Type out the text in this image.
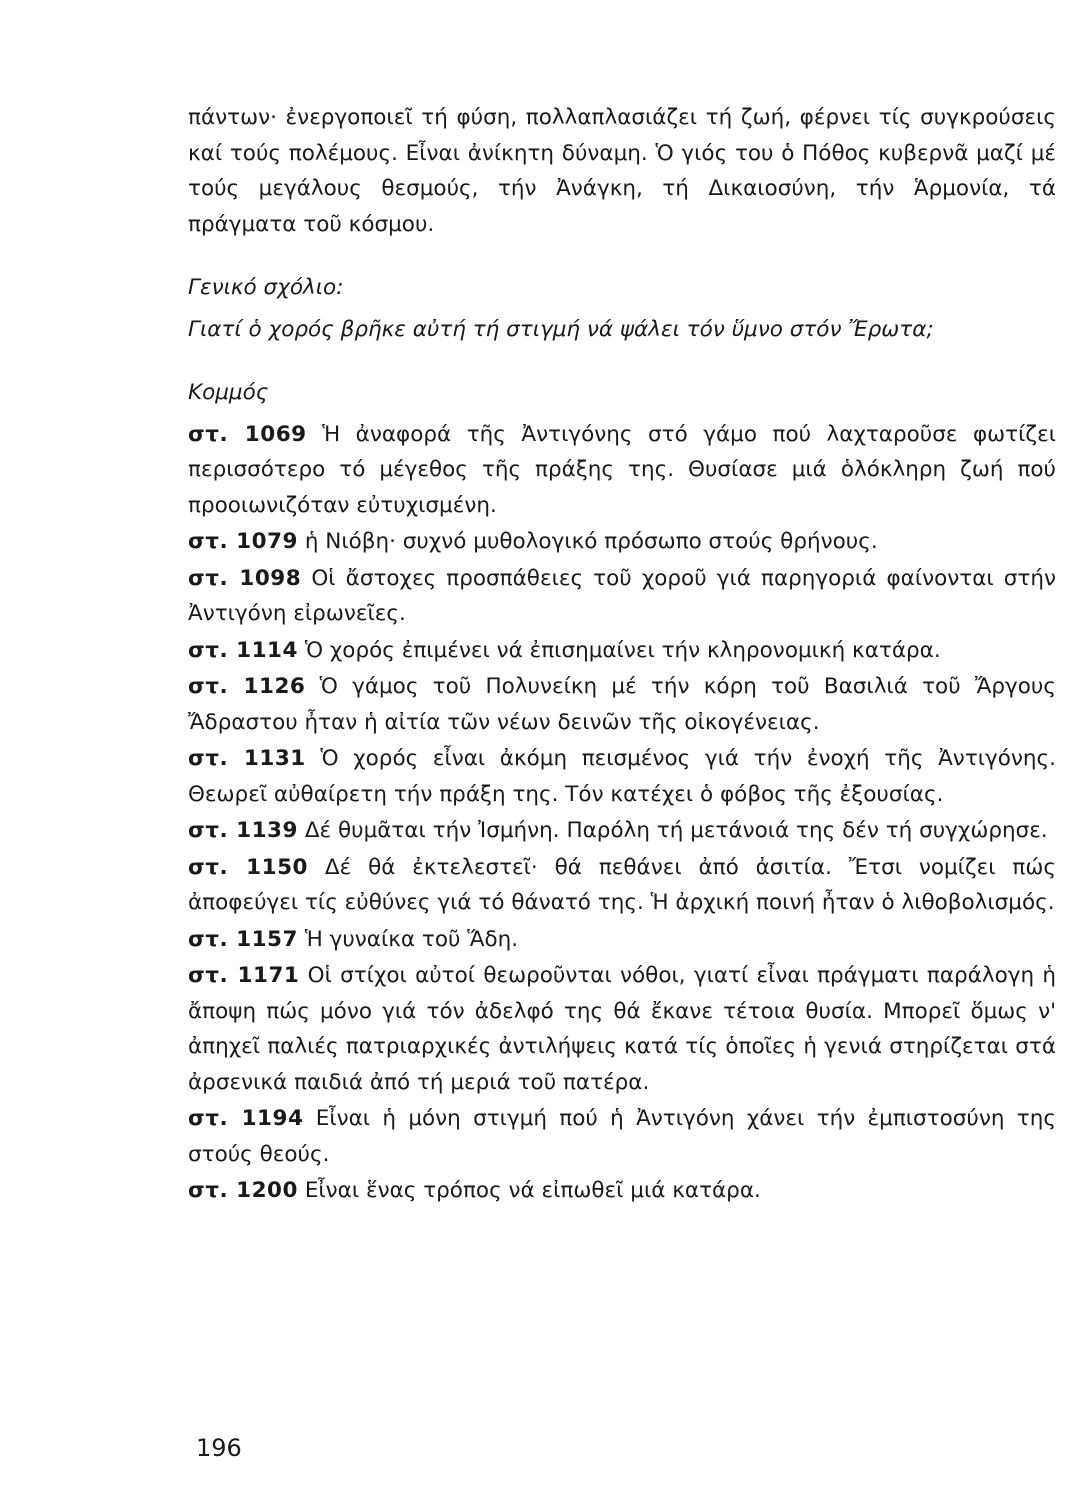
πάντων· ἐνεργοποιεῖ τή φύση, πολλαπλασιάζει τή ζωή, φέρνει τίς συγκρούσεις καί τούς πολέμους. Εἶναι ἀνίκητη δύναμη. Ὁ γιός του ὁ Πόθος κυβερνᾶ μαζί μέ τούς μεγάλους θεσμούς, τήν Ἀνάγκη, τή Δικαιοσύνη, τήν Ἁρμονία, τά πράγματα τοῦ κόσμου.

Γενικό σχόλιο:

Γιατί ὁ χορός βρῆκε αὐτή τή στιγμή νά ψάλει τόν ὕμνο στόν Ἔρωτα;

Κομμός

στ. 1069 Ἡ ἀναφορά τῆς Ἀντιγόνης στό γάμο πού λαχταροῦσε φωτίζει περισσότερο τό μέγεθος τῆς πράξης της. Θυσίασε μιά ὁλόκληρη ζωή πού προοιωνιζόταν εὐτυχισμένη.

στ. 1079 ἡ Νιόβη· συχνό μυθολογικό πρόσωπο στούς θρήνους.

στ. 1098 Οἱ ἄστοχες προσπάθειες τοῦ χοροῦ γιά παρηγοριά φαίνονται στήν Ἀντιγόνη εἰρωνεῖες.

στ. 1114 Ὁ χορός ἐπιμένει νά ἐπισημαίνει τήν κληρονομική κατάρα.

στ. 1126 Ὁ γάμος τοῦ Πολυνείκη μέ τήν κόρη τοῦ Βασιλιά τοῦ Ἄργους Ἄδραστου ἦταν ἡ αἰτία τῶν νέων δεινῶν τῆς οἰκογένειας.

στ. 1131 Ὁ χορός εἶναι ἀκόμη πεισμένος γιά τήν ἐνοχή τῆς Ἀντιγόνης. Θεωρεῖ αὐθαίρετη τήν πράξη της. Τόν κατέχει ὁ φόβος τῆς ἐξουσίας.

στ. 1139 Δέ θυμᾶται τήν Ἰσμήνη. Παρόλη τή μετάνοιά της δέν τή συγχώρησε.

στ. 1150 Δέ θά ἐκτελεστεῖ· θά πεθάνει ἀπό ἀσιτία. Ἔτσι νομίζει πώς ἀποφεύγει τίς εὐθύνες γιά τό θάνατό της. Ἡ ἀρχική ποινή ἦταν ὁ λιθοβολισμός.

στ. 1157 Ἡ γυναίκα τοῦ Ἅδη.

στ. 1171 Οἱ στίχοι αὐτοί θεωροῦνται νόθοι, γιατί εἶναι πράγματι παράλογη ἡ ἄποψη πώς μόνο γιά τόν ἀδελφό της θά ἔκανε τέτοια θυσία. Μπορεῖ ὅμως ν' ἀπηχεῖ παλιές πατριαρχικές ἀντιλήψεις κατά τίς ὁποῖες ἡ γενιά στηρίζεται στά ἀρσενικά παιδιά ἀπό τή μεριά τοῦ πατέρα.

στ. 1194 Εἶναι ἡ μόνη στιγμή πού ἡ Ἀντιγόνη χάνει τήν ἐμπιστοσύνη της στούς θεούς.

στ. 1200 Εἶναι ἕνας τρόπος νά εἰπωθεῖ μιά κατάρα.

196
